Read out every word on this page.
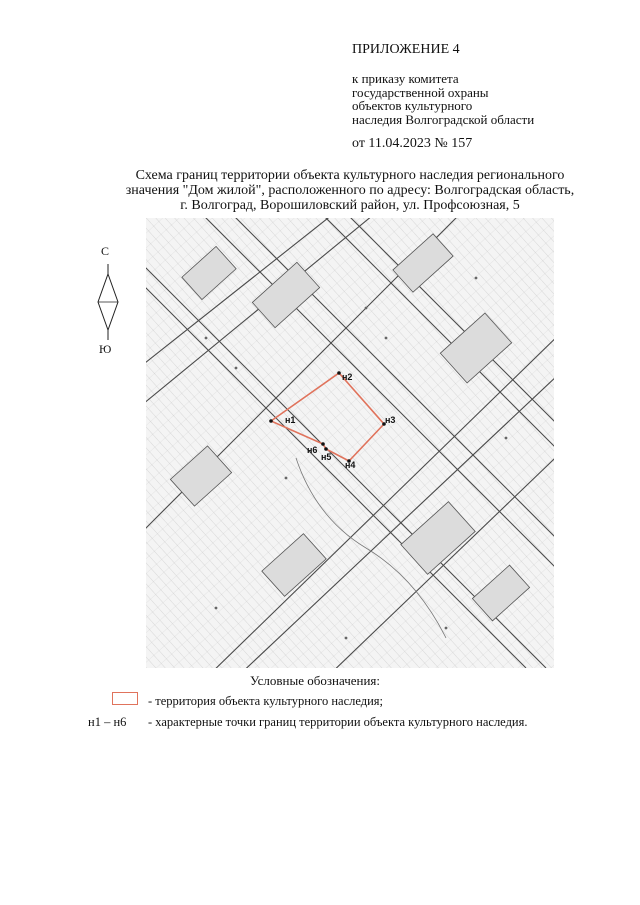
ПРИЛОЖЕНИЕ 4
к приказу комитета
государственной охраны
объектов культурного
наследия Волгоградской области
от 11.04.2023 № 157
Схема границ территории объекта культурного наследия регионального
значения "Дом жилой", расположенного по адресу: Волгоградская область,
г. Волгоград, Ворошиловский район, ул. Профсоюзная, 5
С
Ю
н1
н2
н3
н4
н5
н6
Условные обозначения:
- территория объекта культурного наследия;
н1 – н6 - характерные точки границ территории объекта культурного наследия.
